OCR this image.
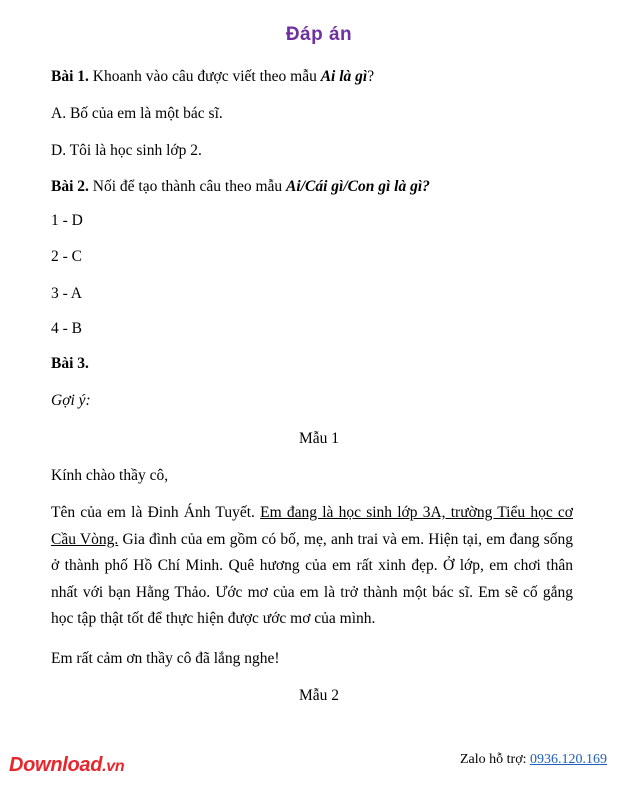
Đáp án
Bài 1. Khoanh vào câu được viết theo mẫu Ai là gì?
A. Bố của em là một bác sĩ.
D. Tôi là học sinh lớp 2.
Bài 2. Nối để tạo thành câu theo mẫu Ai/Cái gì/Con gì là gì?
1 - D
2 - C
3 - A
4 - B
Bài 3.
Gợi ý:
Mẫu 1
Kính chào thầy cô,
Tên của em là Đinh Ánh Tuyết. Em đang là học sinh lớp 3A, trường Tiểu học cơ Cầu Vòng. Gia đình của em gồm có bố, mẹ, anh trai và em. Hiện tại, em đang sống ở thành phố Hồ Chí Minh. Quê hương của em rất xinh đẹp. Ở lớp, em chơi thân nhất với bạn Hằng Thảo. Ước mơ của em là trở thành một bác sĩ. Em sẽ cố gắng học tập thật tốt để thực hiện được ước mơ của mình.
Em rất cảm ơn thầy cô đã lắng nghe!
Mẫu 2
Download.vn	Zalo hỗ trợ: 0936.120.169
